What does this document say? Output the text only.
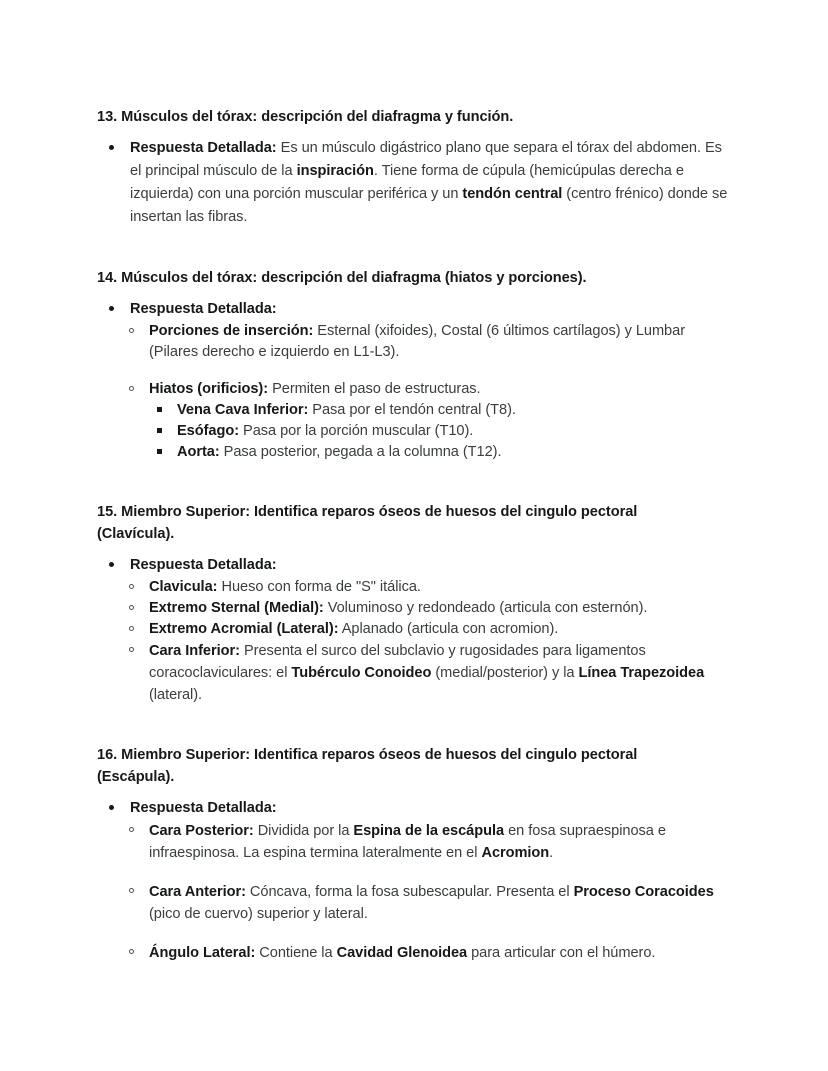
13. Músculos del tórax: descripción del diafragma y función.
Respuesta Detallada: Es un músculo digástrico plano que separa el tórax del abdomen. Es el principal músculo de la inspiración. Tiene forma de cúpula (hemicúpulas derecha e izquierda) con una porción muscular periférica y un tendón central (centro frénico) donde se insertan las fibras.
14. Músculos del tórax: descripción del diafragma (hiatos y porciones).
Respuesta Detallada:
Porciones de inserción: Esternal (xifoides), Costal (6 últimos cartílagos) y Lumbar (Pilares derecho e izquierdo en L1-L3).
Hiatos (orificios): Permiten el paso de estructuras.
Vena Cava Inferior: Pasa por el tendón central (T8).
Esófago: Pasa por la porción muscular (T10).
Aorta: Pasa posterior, pegada a la columna (T12).
15. Miembro Superior: Identifica reparos óseos de huesos del cingulo pectoral (Clavícula).
Respuesta Detallada:
Clavicula: Hueso con forma de "S" itálica.
Extremo Sternal (Medial): Voluminoso y redondeado (articula con esternón).
Extremo Acromial (Lateral): Aplanado (articula con acromion).
Cara Inferior: Presenta el surco del subclavio y rugosidades para ligamentos coracoclaviculares: el Tubérculo Conoideo (medial/posterior) y la Línea Trapezoidea (lateral).
16. Miembro Superior: Identifica reparos óseos de huesos del cingulo pectoral (Escápula).
Respuesta Detallada:
Cara Posterior: Dividida por la Espina de la escápula en fosa supraespinosa e infraespinosa. La espina termina lateralmente en el Acromion.
Cara Anterior: Cóncava, forma la fosa subescapular. Presenta el Proceso Coracoides (pico de cuervo) superior y lateral.
Ángulo Lateral: Contiene la Cavidad Glenoidea para articular con el húmero.
